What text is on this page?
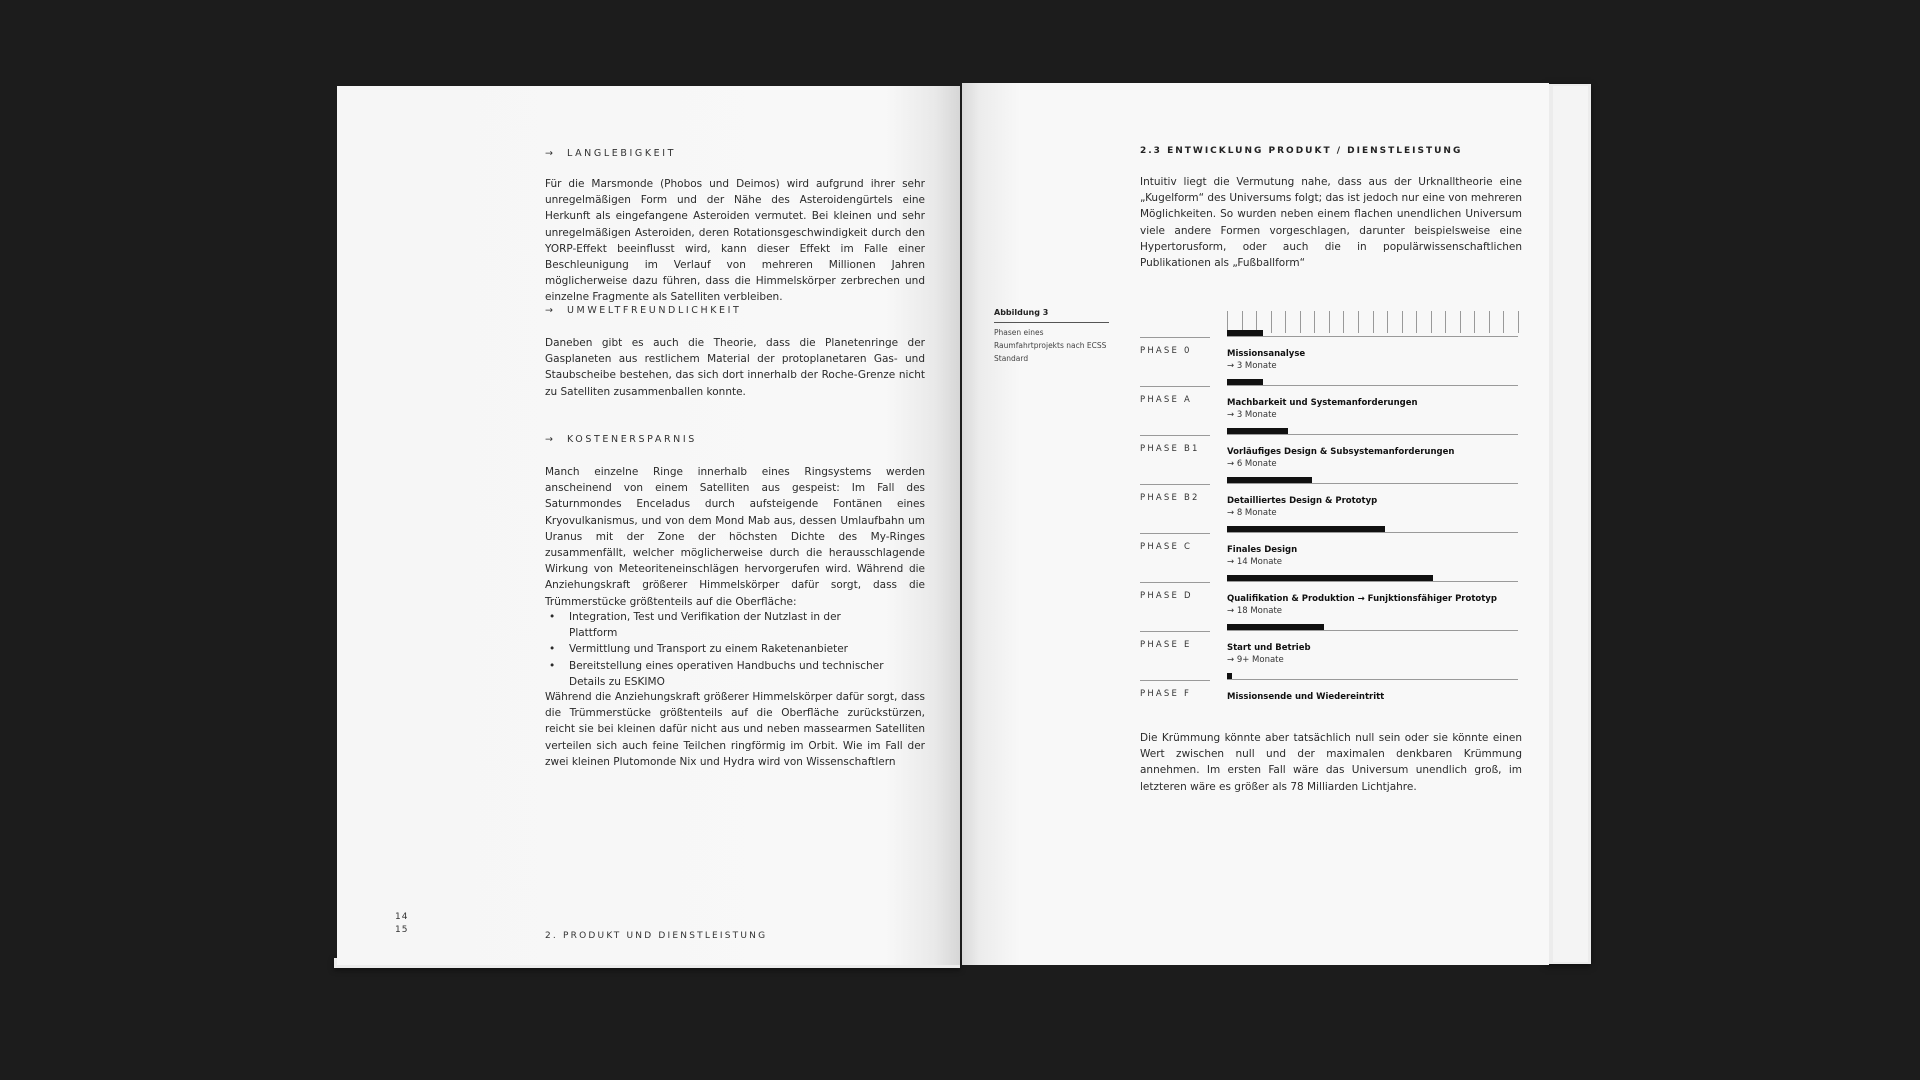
→ LANGLEBIGKEIT
Für die Marsmonde (Phobos und Deimos) wird aufgrund ihrer sehr unregelmäßigen Form und der Nähe des Asteroidengürtels eine Herkunft als eingefangene Asteroiden vermutet. Bei kleinen und sehr unregelmäßigen Asteroiden, deren Rotationsgeschwindigkeit durch den YORP-Effekt beeinflusst wird, kann dieser Effekt im Falle einer Beschleunigung im Verlauf von mehreren Millionen Jahren möglicherweise dazu führen, dass die Himmelskörper zerbrechen und einzelne Fragmente als Satelliten verbleiben.
→ UMWELTFREUNDLICHKEIT
Daneben gibt es auch die Theorie, dass die Planetenringe der Gasplaneten aus restlichem Material der protoplanetaren Gas- und Staubscheibe bestehen, das sich dort innerhalb der Roche-Grenze nicht zu Satelliten zusammenballen konnte.
→ KOSTENERSPARNIS
Manch einzelne Ringe innerhalb eines Ringsystems werden anscheinend von einem Satelliten aus gespeist: Im Fall des Saturnmondes Enceladus durch aufsteigende Fontänen eines Kryovulkanismus, und von dem Mond Mab aus, dessen Umlaufbahn um Uranus mit der Zone der höchsten Dichte des My-Ringes zusammenfällt, welcher möglicherweise durch die herausschlagende Wirkung von Meteoriteneinschlägen hervorgerufen wird. Während die Anziehungskraft größerer Himmelskörper dafür sorgt, dass die Trümmerstücke größtenteils auf die Oberfläche:
• Integration, Test und Verifikation der Nutzlast in der Plattform
• Vermittlung und Transport zu einem Raketenanbieter
• Bereitstellung eines operativen Handbuchs und technischer Details zu ESKIMO
Während die Anziehungskraft größerer Himmelskörper dafür sorgt, dass die Trümmerstücke größtenteils auf die Oberfläche zurückstürzen, reicht sie bei kleinen dafür nicht aus und neben massearmen Satelliten verteilen sich auch feine Teilchen ringförmig im Orbit. Wie im Fall der zwei kleinen Plutomonde Nix und Hydra wird von Wissenschaftlern
14
15
2. PRODUKT UND DIENSTLEISTUNG
2.3 ENTWICKLUNG PRODUKT / DIENSTLEISTUNG
Intuitiv liegt die Vermutung nahe, dass aus der Urknalltheorie eine „Kugelform“ des Universums folgt; das ist jedoch nur eine von mehreren Möglichkeiten. So wurden neben einem flachen unendlichen Universum viele andere Formen vorgeschlagen, darunter beispielsweise eine Hypertorusform, oder auch die in populärwissenschaftlichen Publikationen als „Fußballform“
Abbildung 3
Phasen eines Raumfahrtprojekts nach ECSS Standard
PHASE 0	Missionsanalyse
→ 3 Monate
PHASE A	Machbarkeit und Systemanforderungen
→ 3 Monate
PHASE B1	Vorläufiges Design & Subsystemanforderungen
→ 6 Monate
PHASE B2	Detailliertes Design & Prototyp
→ 8 Monate
PHASE C	Finales Design
→ 14 Monate
PHASE D	Qualifikation & Produktion → Funjktionsfähiger Prototyp
→ 18 Monate
PHASE E	Start und Betrieb
→ 9+ Monate
PHASE F	Missionsende und Wiedereintritt
Die Krümmung könnte aber tatsächlich null sein oder sie könnte einen Wert zwischen null und der maximalen denkbaren Krümmung annehmen. Im ersten Fall wäre das Universum unendlich groß, im letzteren wäre es größer als 78 Milliarden Lichtjahre.
